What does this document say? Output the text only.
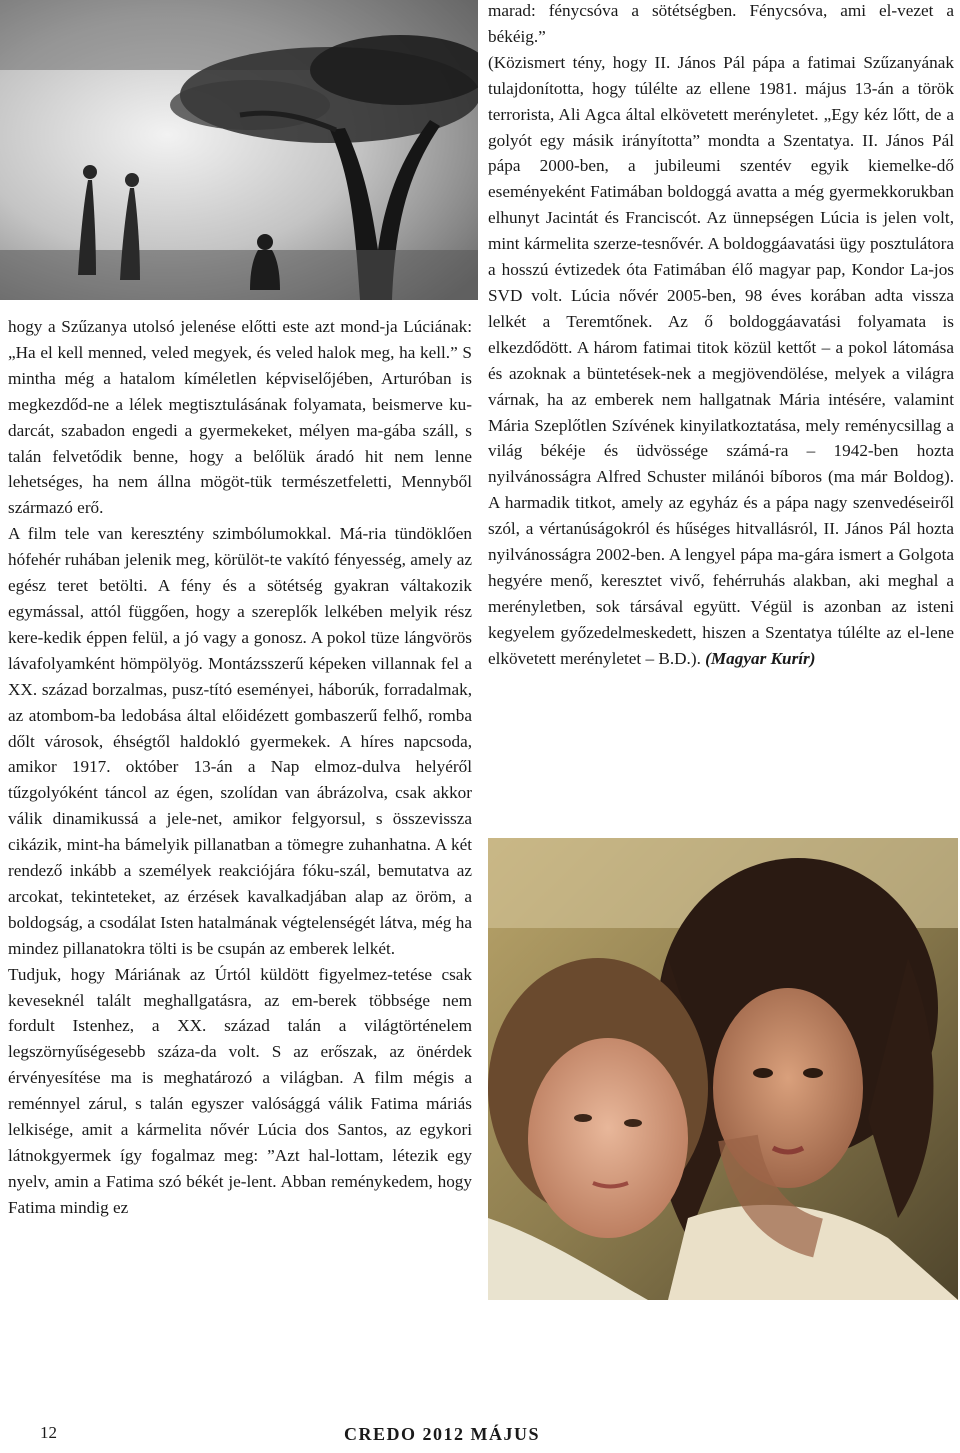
hogy a Szűzanya utolsó jelenése előtti este azt mond-ja Lúciának: „Ha el kell menned, veled megyek, és veled halok meg, ha kell.” S mintha még a hatalom kíméletlen képviselőjében, Arturóban is megkezdőd-ne a lélek megtisztulásának folyamata, beismerve ku-darcát, szabadon engedi a gyermekeket, mélyen ma-gába száll, s talán felvetődik benne, hogy a belőlük áradó hit nem lenne lehetséges, ha nem állna mögöt-tük természetfeletti, Mennyből származó erő.

A film tele van keresztény szimbólumokkal. Má-ria tündöklően hófehér ruhában jelenik meg, körülöt-te vakító fényesség, amely az egész teret betölti. A fény és a sötétség gyakran váltakozik egymással, attól függően, hogy a szereplők lelkében melyik rész kere-kedik éppen felül, a jó vagy a gonosz. A pokol tüze lángvörös lávafolyamként hömpölyög. Montázsszerű képeken villannak fel a XX. század borzalmas, pusz-tító eseményei, háborúk, forradalmak, az atombom-ba ledobása által előidézett gombaszerű felhő, romba dőlt városok, éhségtől haldokló gyermekek. A híres napcsoda, amikor 1917. október 13-án a Nap elmoz-dulva helyéről tűzgolyóként táncol az égen, szolídan van ábrázolva, csak akkor válik dinamikussá a jele-net, amikor felgyorsul, s összevissza cikázik, mint-ha bámelyik pillanatban a tömegre zuhanhatna. A két rendező inkább a személyek reakciójára fóku-szál, bemutatva az arcokat, tekinteteket, az érzések kavalkadjában alap az öröm, a boldogság, a csodálat Isten hatalmának végtelenségét látva, még ha mindez pillanatokra tölti is be csupán az emberek lelkét.

Tudjuk, hogy Máriának az Úrtól küldött figyelmez-tetése csak keveseknél talált meghallgatásra, az em-berek többsége nem fordult Istenhez, a XX. század talán a világtörténelem legszörnyűségesebb száza-da volt. S az erőszak, az önérdek érvényesítése ma is meghatározó a világban. A film mégis a reménnyel zárul, s talán egyszer valósággá válik Fatima máriás lelkisége, amit a kármelita nővér Lúcia dos Santos, az egykori látnokgyermek így fogalmaz meg: ”Azt hal-lottam, létezik egy nyelv, amin a Fatima szó békét je-lent. Abban reménykedem, hogy Fatima mindig ez

marad: fénycsóva a sötétségben. Fénycsóva, ami el-vezet a békéig.”

(Közismert tény, hogy II. János Pál pápa a fatimai Szűzanyának tulajdonította, hogy túlélte az ellene 1981. május 13-án a török terrorista, Ali Agca által elkövetett merényletet. „Egy kéz lőtt, de a golyót egy másik irányította” mondta a Szentatya. II. János Pál pápa 2000-ben, a jubileumi szentév egyik kiemelke-dő eseményeként Fatimában boldoggá avatta a még gyermekkorukban elhunyt Jacintát és Franciscót. Az ünnepségen Lúcia is jelen volt, mint kármelita szerze-tesnővér. A boldoggáavatási ügy posztulátora a hosszú évtizedek óta Fatimában élő magyar pap, Kondor La-jos SVD volt. Lúcia nővér 2005-ben, 98 éves korában adta vissza lelkét a Teremtőnek. Az ő boldoggáavatási folyamata is elkezdődött. A három fatimai titok közül kettőt – a pokol látomása és azoknak a büntetések-nek a megjövendölése, melyek a világra várnak, ha az emberek nem hallgatnak Mária intésére, valamint Mária Szeplőtlen Szívének kinyilatkoztatása, mely reménycsillag a világ békéje és üdvössége számá-ra – 1942-ben hozta nyilvánosságra Alfred Schuster milánói bíboros (ma már Boldog). A harmadik titkot, amely az egyház és a pápa nagy szenvedéseiről szól, a vértanúságokról és hűséges hitvallásról, II. János Pál hozta nyilvánosságra 2002-ben. A lengyel pápa ma-gára ismert a Golgota hegyére menő, keresztet vivő, fehérruhás alakban, aki meghal a merényletben, sok társával együtt. Végül is azonban az isteni kegyelem győzedelmeskedett, hiszen a Szentatya túlélte az el-lene elkövetett merényletet – B.D.). (Magyar Kurír)

12	CREDO 2012 MÁJUS
